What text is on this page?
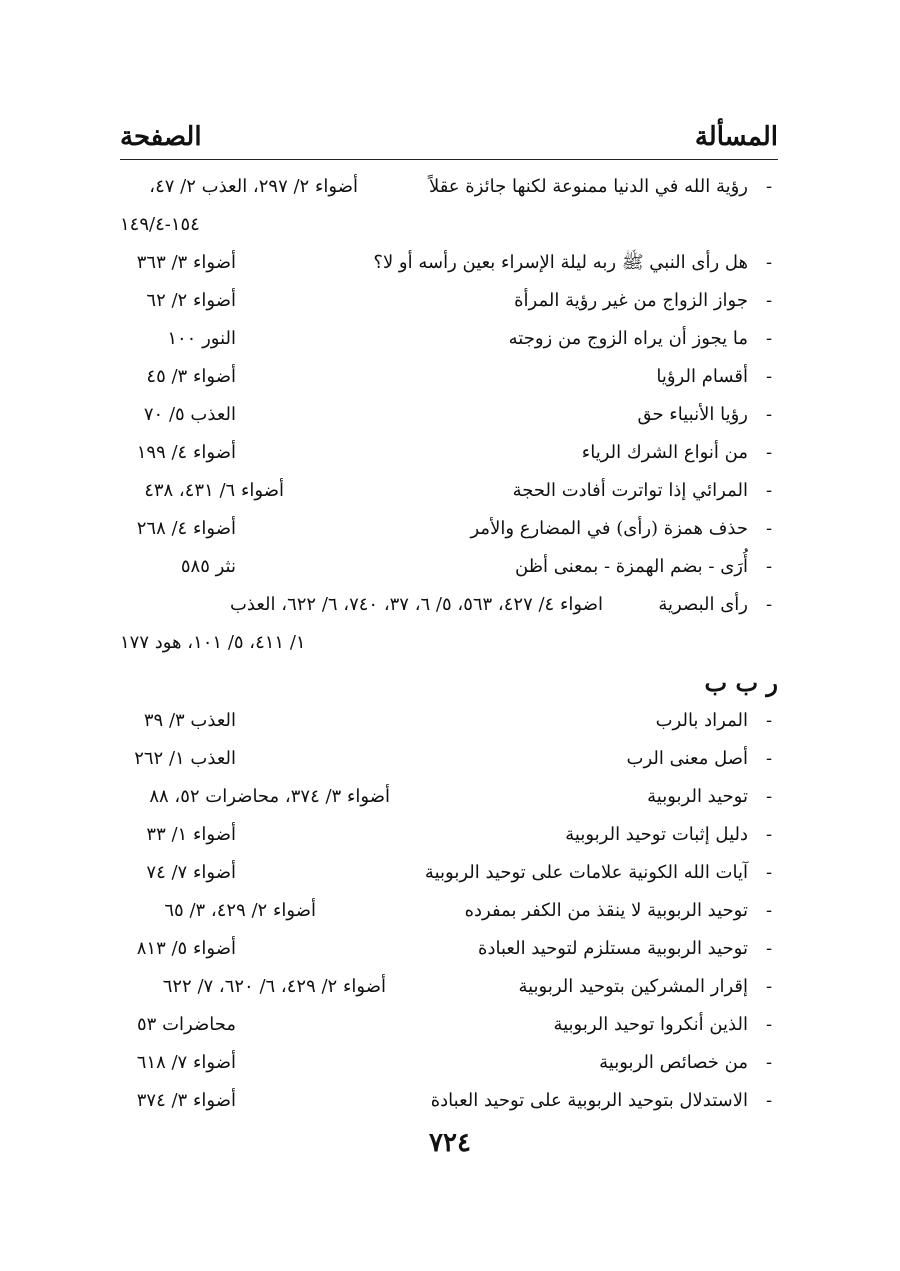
المسألة
الصفحة
-
رؤية الله في الدنيا ممنوعة لكنها جائزة عقلاً
أضواء ٢/ ٢٩٧، العذب ٢/ ٤٧،
١٥٤-١٤٩/٤
-
هل رأى النبي ﷺ ربه ليلة الإسراء بعين رأسه أو لا؟
أضواء ٣/ ٣٦٣
-
جواز الزواج من غير رؤية المرأة
أضواء ٢/ ٦٢
-
ما يجوز أن يراه الزوج من زوجته
النور ١٠٠
-
أقسام الرؤيا
أضواء ٣/ ٤٥
-
رؤيا الأنبياء حق
العذب ٥/ ٧٠
-
من أنواع الشرك الرياء
أضواء ٤/ ١٩٩
-
المرائي إذا تواترت أفادت الحجة
أضواء ٦/ ٤٣١، ٤٣٨
-
حذف همزة (رأى) في المضارع والأمر
أضواء ٤/ ٢٦٨
-
أُرَى - بضم الهمزة - بمعنى أظن
نثر ٥٨٥
-
رأى البصرية
اضواء ٤/ ٤٢٧، ٥٦٣، ٥/ ٦، ٣٧، ٧٤٠، ٦/ ٦٢٢، العذب
١/ ٤١١، ٥/ ١٠١، هود ١٧٧
ر ب ب
-
المراد بالرب
العذب ٣/ ٣٩
-
أصل معنى الرب
العذب ١/ ٢٦٢
-
توحيد الربوبية
أضواء ٣/ ٣٧٤، محاضرات ٥٢، ٨٨
-
دليل إثبات توحيد الربوبية
أضواء ١/ ٣٣
-
آيات الله الكونية علامات على توحيد الربوبية
أضواء ٧/ ٧٤
-
توحيد الربوبية لا ينقذ من الكفر بمفرده
أضواء ٢/ ٤٢٩، ٣/ ٦٥
-
توحيد الربوبية مستلزم لتوحيد العبادة
أضواء ٥/ ٨١٣
-
إقرار المشركين بتوحيد الربوبية
أضواء ٢/ ٤٢٩، ٦/ ٦٢٠، ٧/ ٦٢٢
-
الذين أنكروا توحيد الربوبية
محاضرات ٥٣
-
من خصائص الربوبية
أضواء ٧/ ٦١٨
-
الاستدلال بتوحيد الربوبية على توحيد العبادة
أضواء ٣/ ٣٧٤
٧٢٤
